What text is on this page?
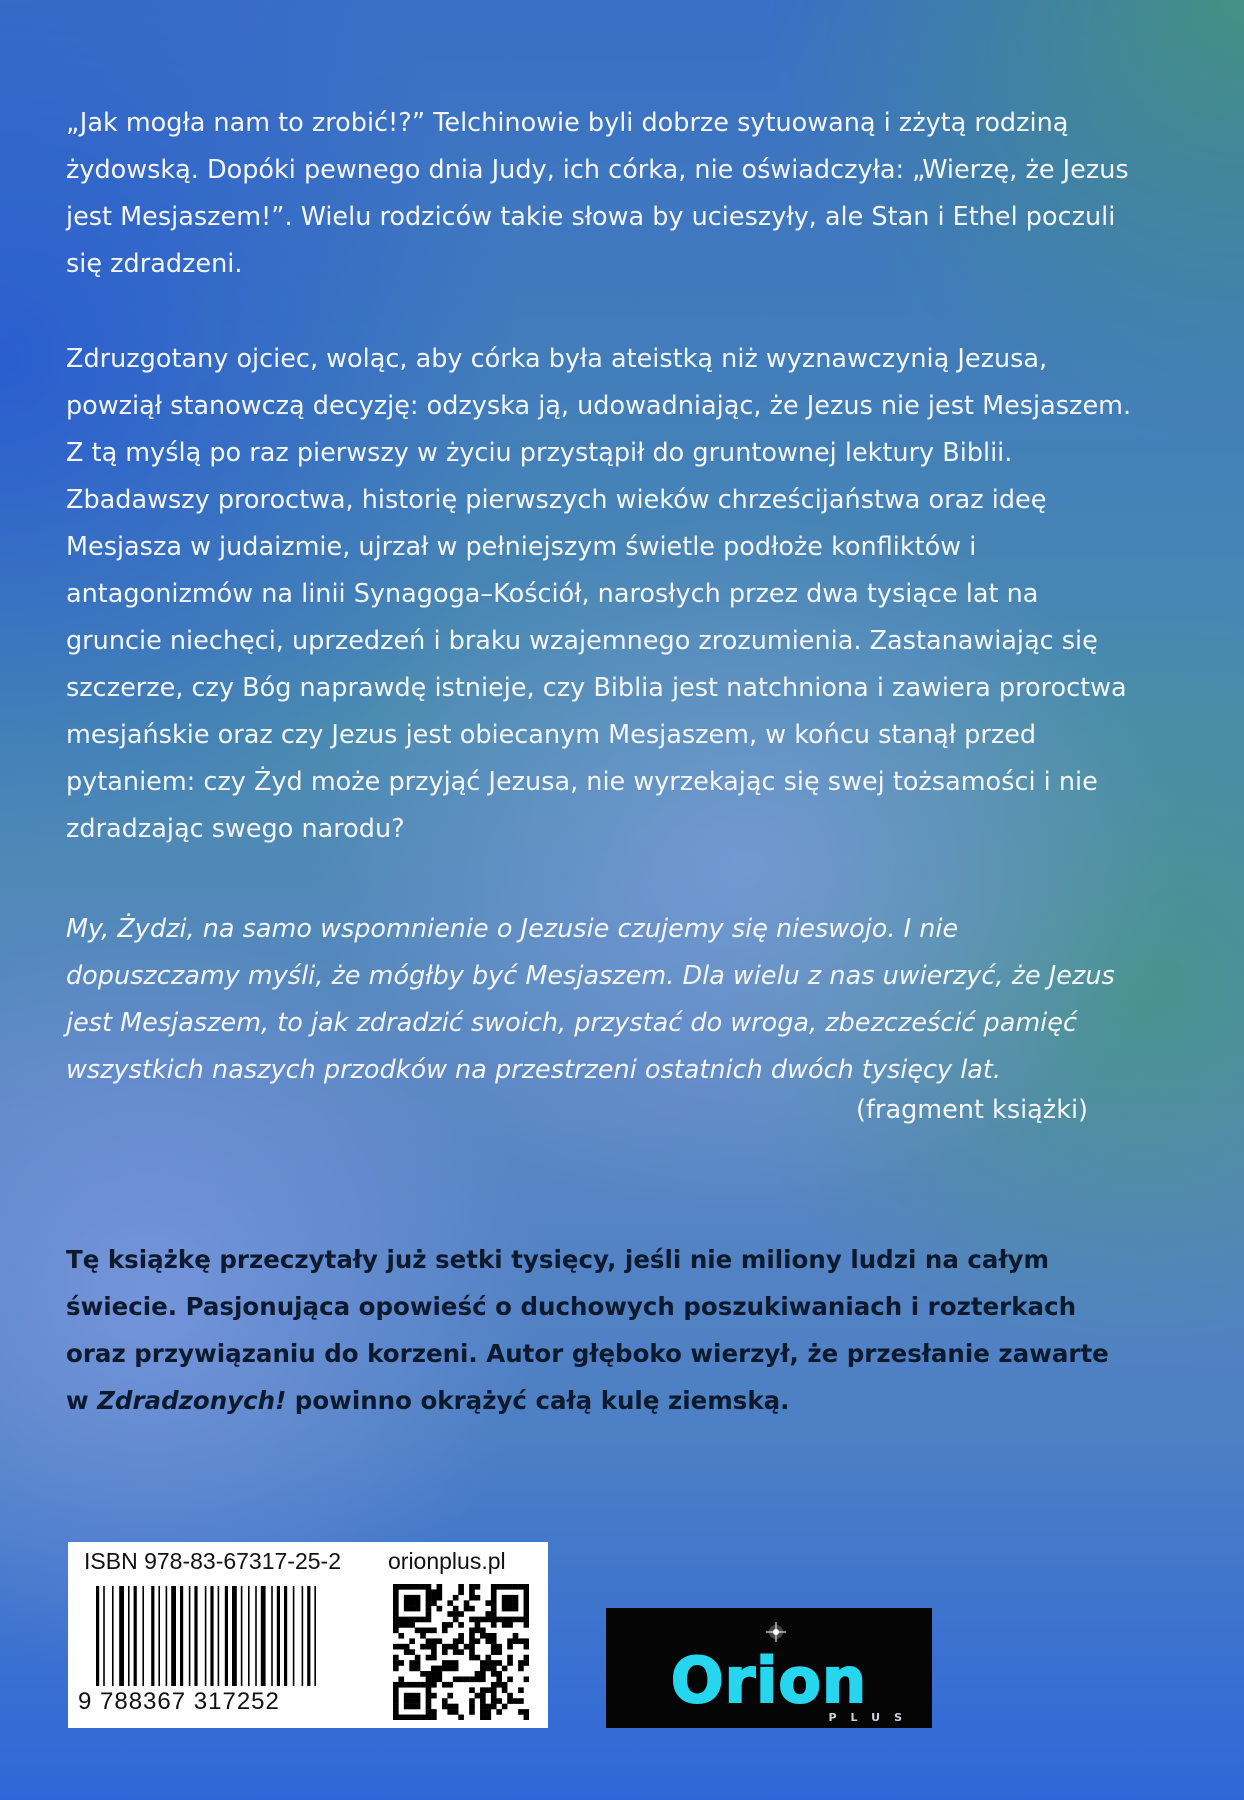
„Jak mogła nam to zrobić!?” Telchinowie byli dobrze sytuowaną i zżytą rodziną żydowską. Dopóki pewnego dnia Judy, ich córka, nie oświadczyła: „Wierzę, że Jezus jest Mesjaszem!”. Wielu rodziców takie słowa by ucieszyły, ale Stan i Ethel poczuli się zdradzeni.

Zdruzgotany ojciec, woląc, aby córka była ateistką niż wyznawczynią Jezusa, powziął stanowczą decyzję: odzyska ją, udowadniając, że Jezus nie jest Mesjaszem. Z tą myślą po raz pierwszy w życiu przystąpił do gruntownej lektury Biblii. Zbadawszy proroctwa, historię pierwszych wieków chrześcijaństwa oraz ideę Mesjasza w judaizmie, ujrzał w pełniejszym świetle podłoże konfliktów i antagonizmów na linii Synagoga–Kościół, narosłych przez dwa tysiące lat na gruncie niechęci, uprzedzeń i braku wzajemnego zrozumienia. Zastanawiając się szczerze, czy Bóg naprawdę istnieje, czy Biblia jest natchniona i zawiera proroctwa mesjańskie oraz czy Jezus jest obiecanym Mesjaszem, w końcu stanął przed pytaniem: czy Żyd może przyjąć Jezusa, nie wyrzekając się swej tożsamości i nie zdradzając swego narodu?

My, Żydzi, na samo wspomnienie o Jezusie czujemy się nieswojo. I nie dopuszczamy myśli, że mógłby być Mesjaszem. Dla wielu z nas uwierzyć, że Jezus jest Mesjaszem, to jak zdradzić swoich, przystać do wroga, zbezcześcić pamięć wszystkich naszych przodków na przestrzeni ostatnich dwóch tysięcy lat.

(fragment książki)

Tę książkę przeczytały już setki tysięcy, jeśli nie miliony ludzi na całym świecie. Pasjonująca opowieść o duchowych poszukiwaniach i rozterkach oraz przywiązaniu do korzeni. Autor głęboko wierzył, że przesłanie zawarte w Zdradzonych! powinno okrążyć całą kulę ziemską.

ISBN 978-83-67317-25-2 orionplus.pl
9 788367 317252	Orion
PLUS
